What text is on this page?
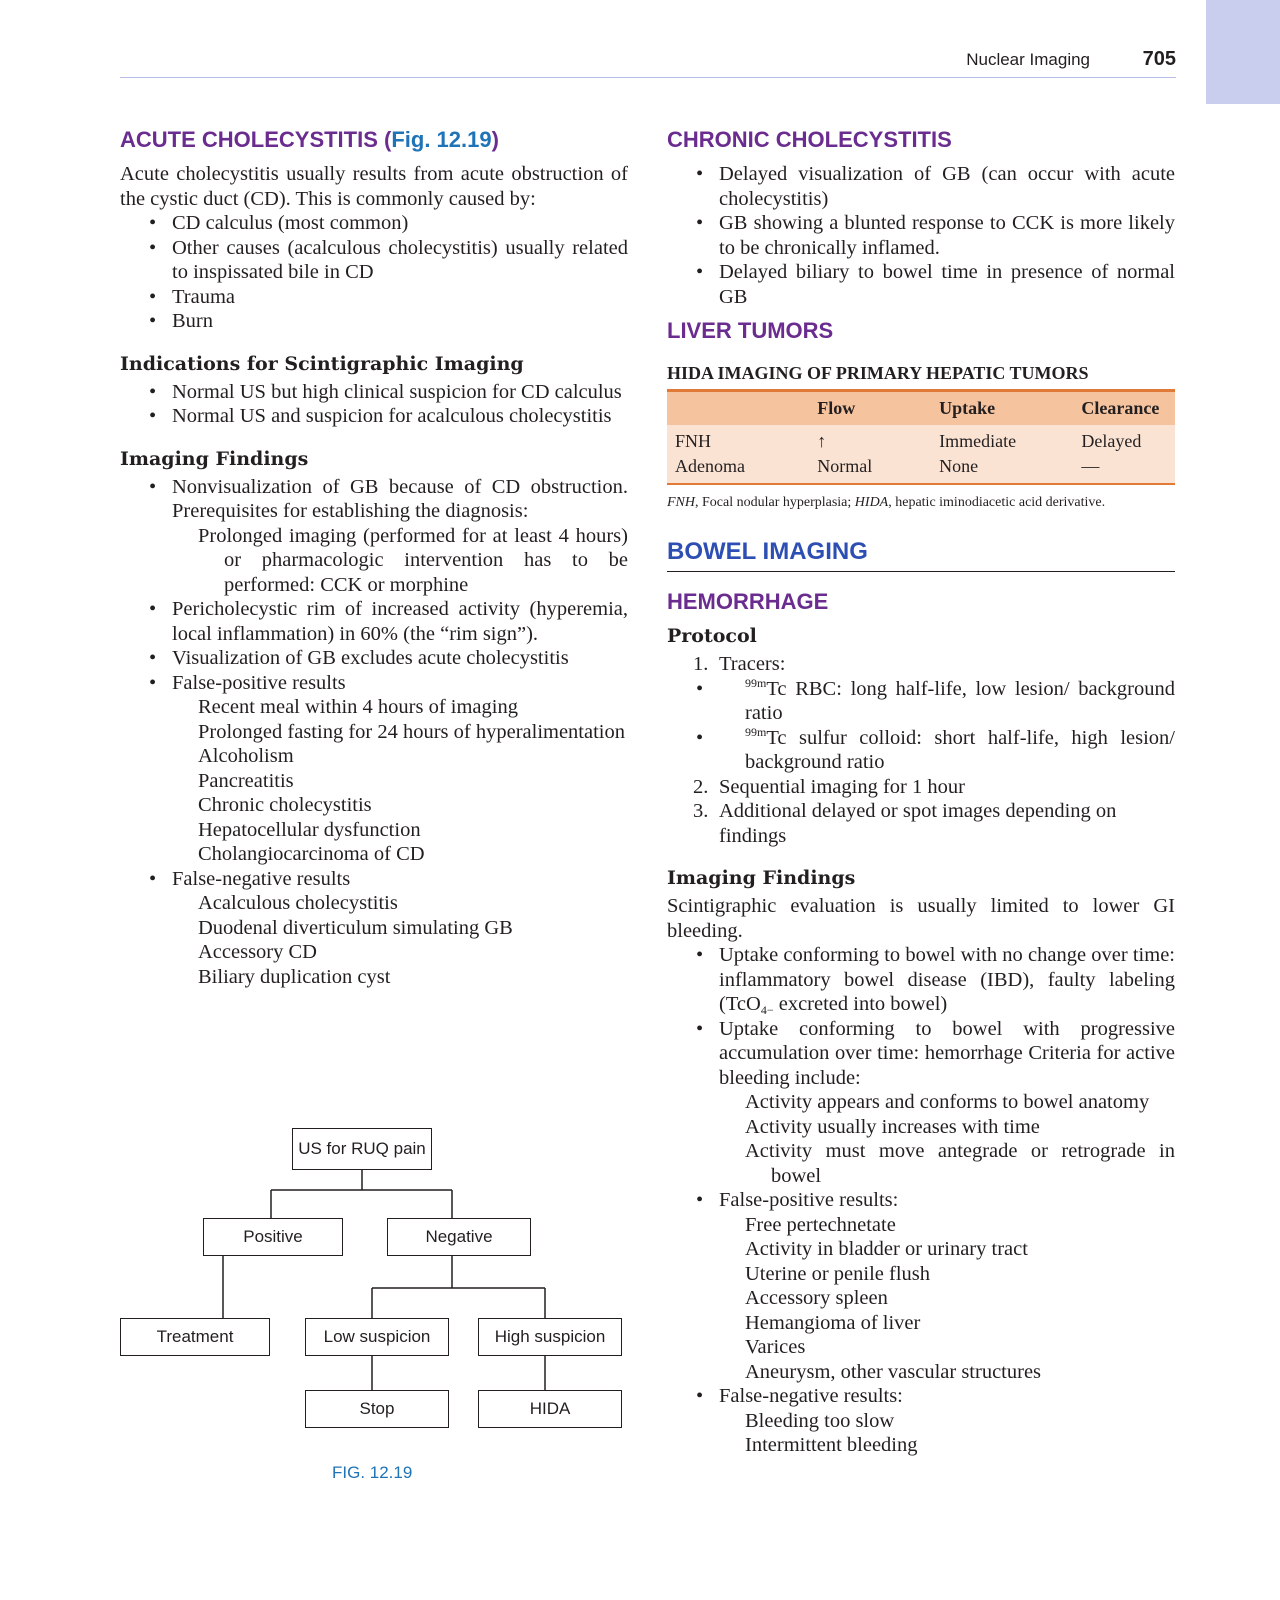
Nuclear Imaging	705
ACUTE CHOLECYSTITIS (Fig. 12.19)

Acute cholecystitis usually results from acute obstruction of the cystic duct (CD). This is commonly caused by:

• CD calculus (most common)
• Other causes (acalculous cholecystitis) usually related to inspissated bile in CD
• Trauma
• Burn
Indications for Scintigraphic Imaging
• Normal US but high clinical suspicion for CD calculus
• Normal US and suspicion for acalculous cholecystitis
Imaging Findings
• Nonvisualization of GB because of CD obstruction. Prerequisites for establishing the diagnosis:
Prolonged imaging (performed for at least 4 hours) or pharmacologic intervention has to be performed: CCK or morphine
• Pericholecystic rim of increased activity (hyperemia, local inflammation) in 60% (the “rim sign”).
• Visualization of GB excludes acute cholecystitis
• False-positive results
Recent meal within 4 hours of imaging
Prolonged fasting for 24 hours of hyperalimentation
Alcoholism
Pancreatitis
Chronic cholecystitis
Hepatocellular dysfunction
Cholangiocarcinoma of CD
• False-negative results
Acalculous cholecystitis
Duodenal diverticulum simulating GB
Accessory CD
Biliary duplication cyst
US for RUQ pain
Positive	Negative
Treatment	Low suspicion	High suspicion
Stop	HIDA
FIG. 12.19
CHRONIC CHOLECYSTITIS
• Delayed visualization of GB (can occur with acute cholecystitis)
• GB showing a blunted response to CCK is more likely to be chronically inflamed.
• Delayed biliary to bowel time in presence of normal GB
LIVER TUMORS
HIDA IMAGING OF PRIMARY HEPATIC TUMORS
	Flow	Uptake	Clearance
FNH	↑	Immediate	Delayed
Adenoma	Normal	None	—

FNH, Focal nodular hyperplasia; HIDA, hepatic iminodiacetic acid derivative.

BOWEL IMAGING
HEMORRHAGE
Protocol
1. Tracers:
• $^{99m}$Tc RBC: long half-life, low lesion/ background ratio
• $^{99m}$Tc sulfur colloid: short half-life, high lesion/ background ratio
2. Sequential imaging for 1 hour
3. Additional delayed or spot images depending on findings
Imaging Findings

Scintigraphic evaluation is usually limited to lower GI bleeding.

• Uptake conforming to bowel with no change over time: inflammatory bowel disease (IBD), faulty labeling (TcO$_{4-}$ excreted into bowel)
• Uptake conforming to bowel with progressive accumulation over time: hemorrhage Criteria for active bleeding include:
Activity appears and conforms to bowel anatomy
Activity usually increases with time
Activity must move antegrade or retrograde in bowel
• False-positive results:
Free pertechnetate
Activity in bladder or urinary tract
Uterine or penile flush
Accessory spleen
Hemangioma of liver
Varices
Aneurysm, other vascular structures
• False-negative results:
Bleeding too slow
Intermittent bleeding
